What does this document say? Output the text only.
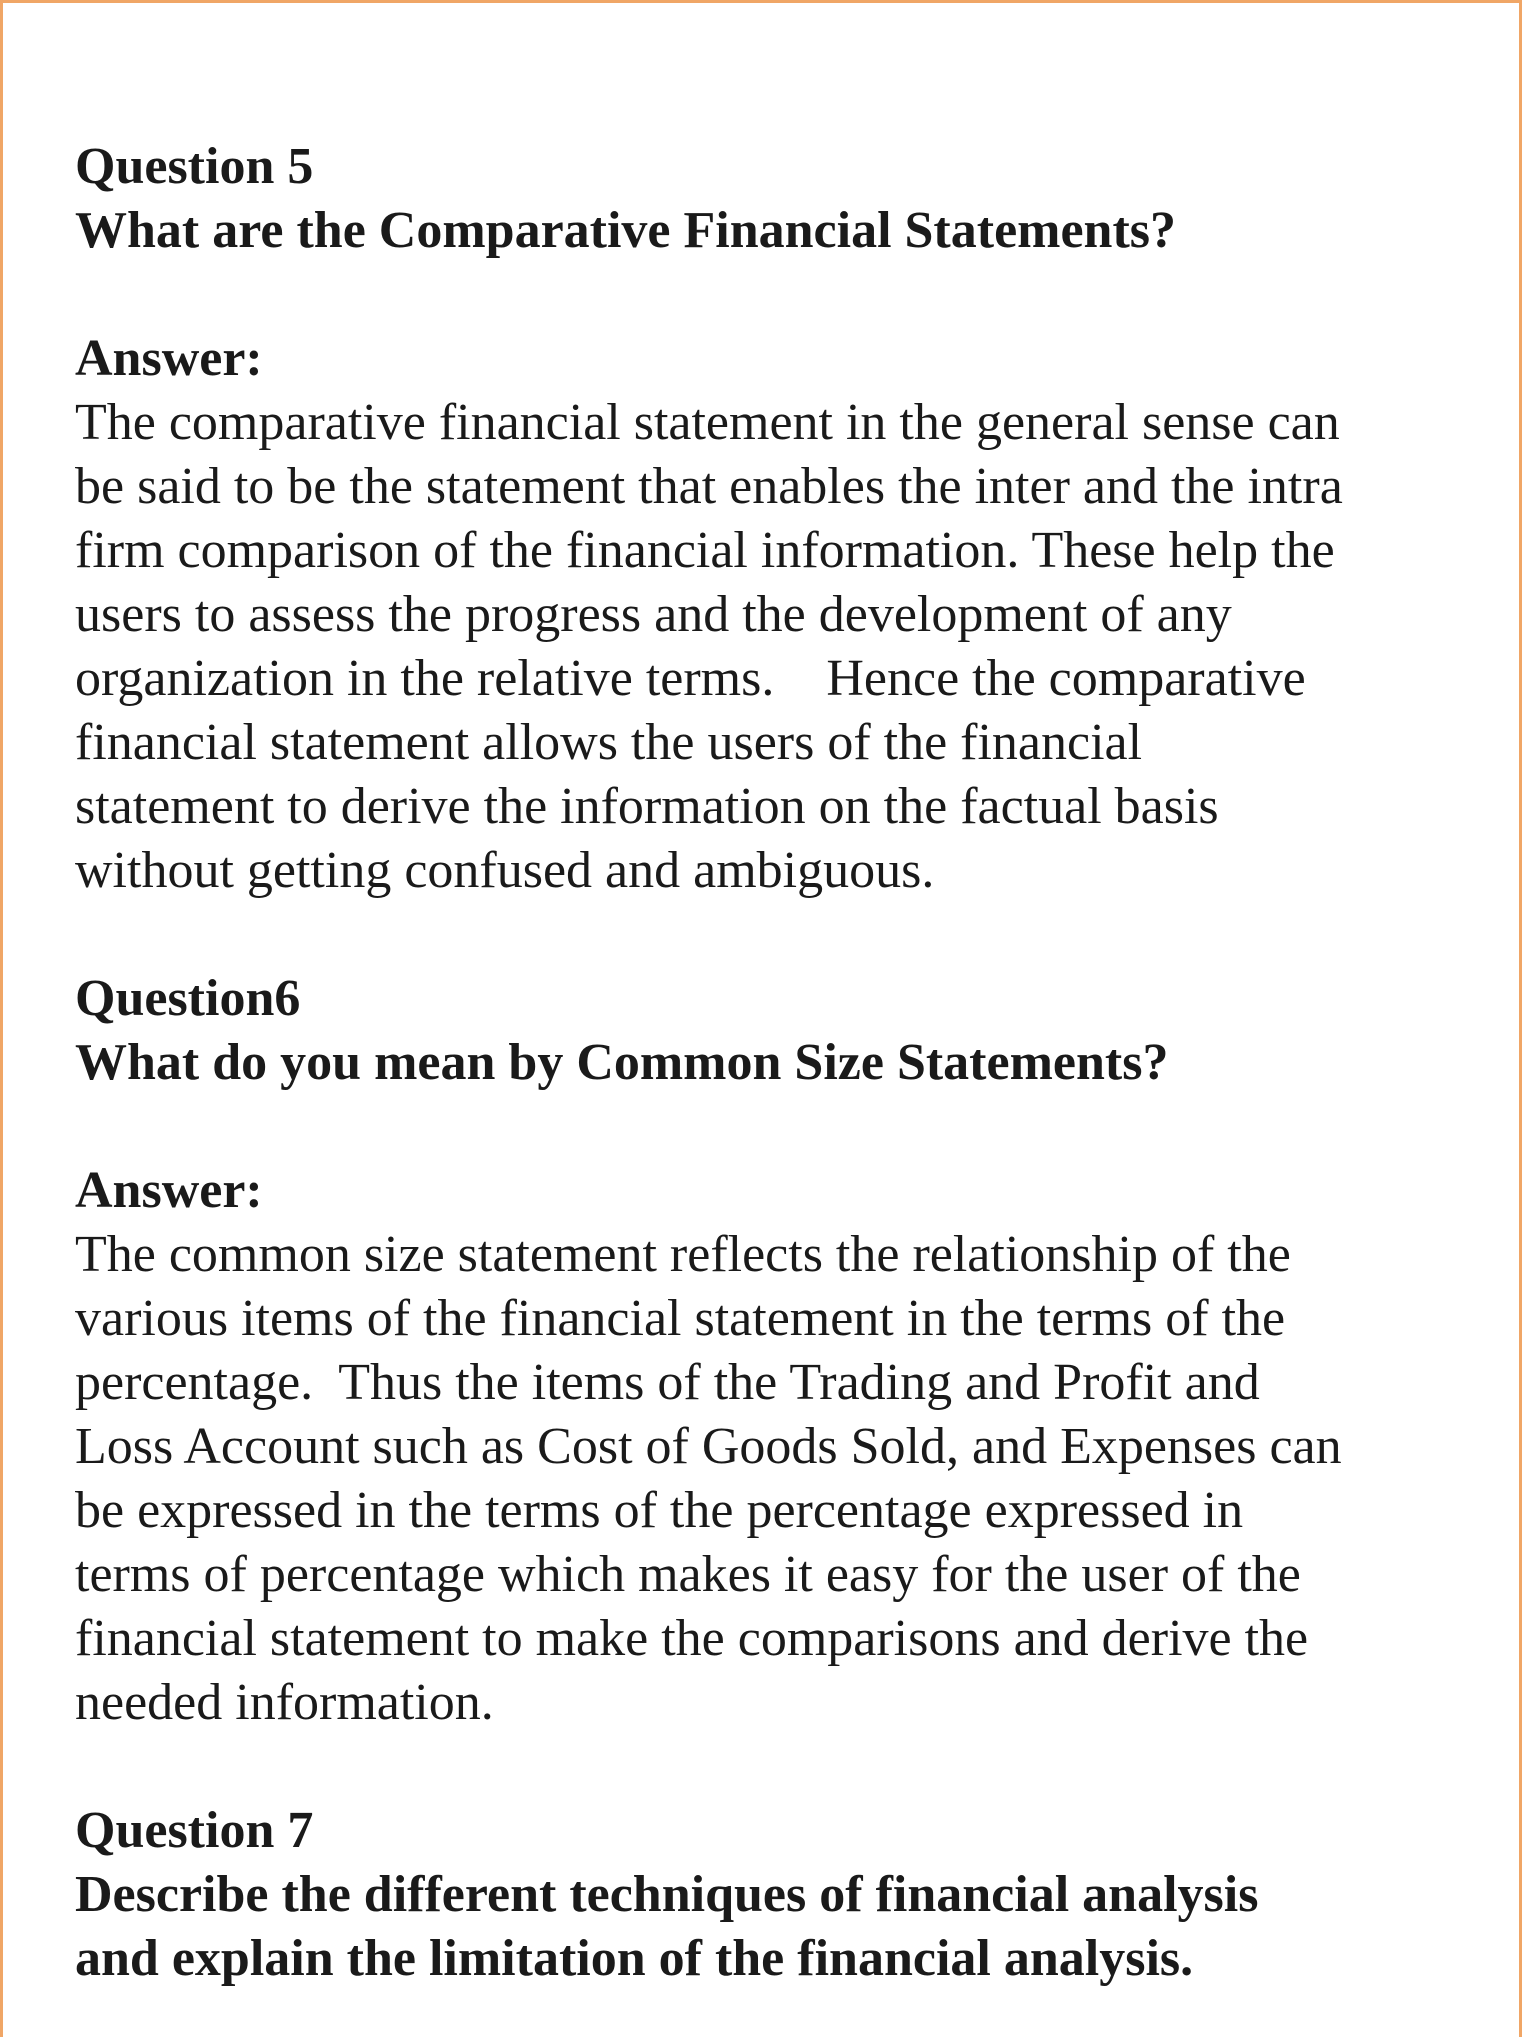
Question 5
What are the Comparative Financial Statements?
Answer:
The comparative financial statement in the general sense can
be said to be the statement that enables the inter and the intra
firm comparison of the financial information. These help the
users to assess the progress and the development of any
organization in the relative terms.    Hence the comparative
financial statement allows the users of the financial
statement to derive the information on the factual basis
without getting confused and ambiguous.
Question6
What do you mean by Common Size Statements?
Answer:
The common size statement reflects the relationship of the
various items of the financial statement in the terms of the
percentage.  Thus the items of the Trading and Profit and
Loss Account such as Cost of Goods Sold, and Expenses can
be expressed in the terms of the percentage expressed in
terms of percentage which makes it easy for the user of the
financial statement to make the comparisons and derive the
needed information.
Question 7
Describe the different techniques of financial analysis
and explain the limitation of the financial analysis.
